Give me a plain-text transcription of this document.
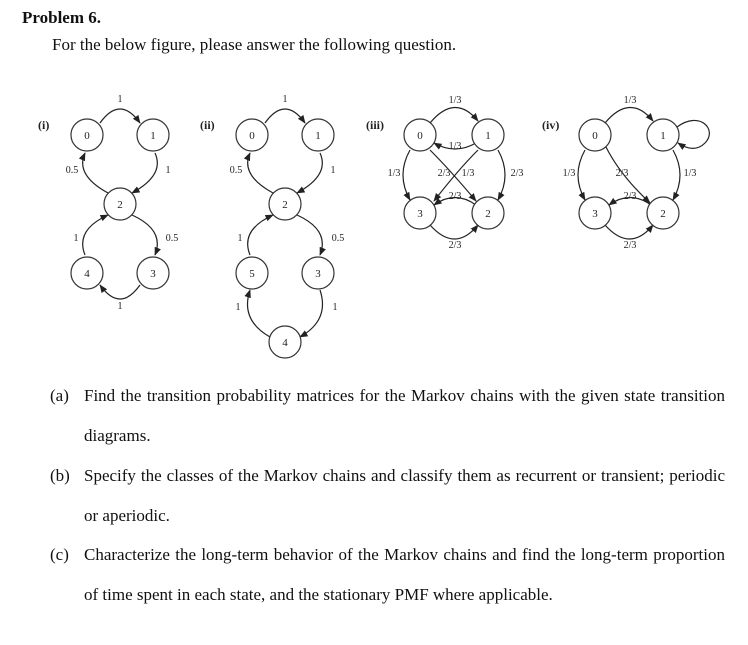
Problem 6.
For the below figure, please answer the following question.
(i)
1
1
0.5
0.5
1
1
0	1
2
3
4
(ii)
1
1
0.5
0.5
1
1
1
0	1
2
3
4
5
(iii)
1/3
1/3
1/3	2/3 1/3	2/3
2/3
2/3
0	1
2
3
(iv)
1/3
1/3	2/3	1/3
2/3
2/3
0	1
2
3
(a) Find the transition probability matrices for the Markov chains with the given state transition diagrams.
(b) Specify the classes of the Markov chains and classify them as recurrent or transient; periodic or aperiodic.
(c) Characterize the long-term behavior of the Markov chains and find the long-term proportion of time spent in each state, and the stationary PMF where applicable.
